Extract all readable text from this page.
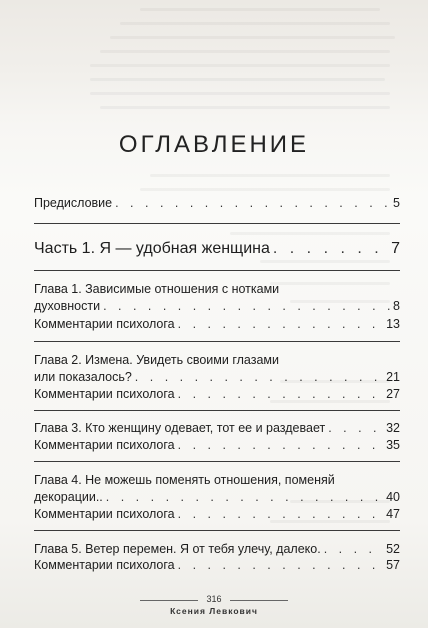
ОГЛАВЛЕНИЕ
Предисловие . . .	5
Часть 1. Я — удобная женщина . . .	7
Глава 1. Зависимые отношения с нотками
духовности . . .	8
Комментарии психолога . . .	13
Глава 2. Измена. Увидеть своими глазами
или показалось? . . .	21
Комментарии психолога . . .	27
Глава 3. Кто женщину одевает, тот ее и раздевает . . .	32
Комментарии психолога . . .	35
Глава 4. Не можешь поменять отношения, поменяй
декорации.. . . .	40
Комментарии психолога . . .	47
Глава 5. Ветер перемен. Я от тебя улечу, далеко. . . .	52
Комментарии психолога . . .	57
316
Ксения Левкович
